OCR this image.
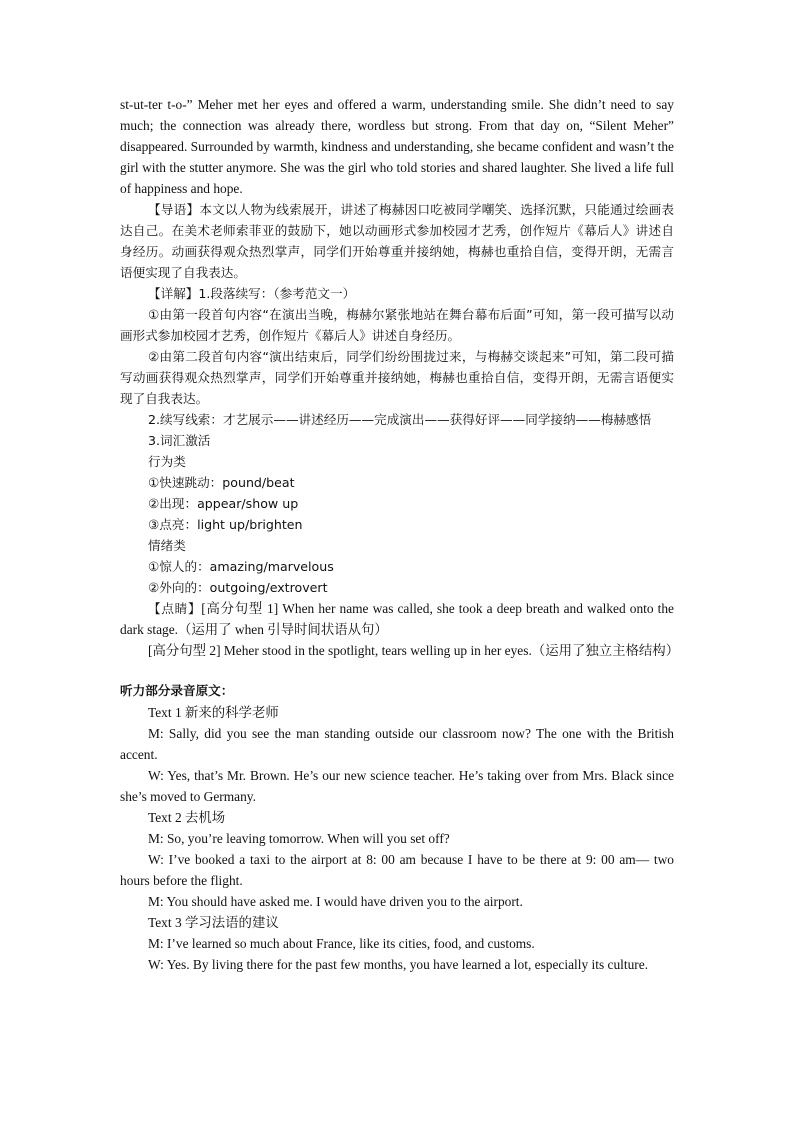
st-ut-ter t-o-” Meher met her eyes and offered a warm, understanding smile. She didn’t need to say much; the connection was already there, wordless but strong. From that day on, “Silent Meher” disappeared. Surrounded by warmth, kindness and understanding, she became confident and wasn’t the girl with the stutter anymore. She was the girl who told stories and shared laughter. She lived a life full of happiness and hope.

【导语】本文以人物为线索展开，讲述了梅赫因口吃被同学嘲笑、选择沉默，只能通过绘画表达自己。在美术老师索菲亚的鼓励下，她以动画形式参加校园才艺秀，创作短片《幕后人》讲述自身经历。动画获得观众热烈掌声，同学们开始尊重并接纳她，梅赫也重拾自信，变得开朗，无需言语便实现了自我表达。

【详解】1.段落续写：（参考范文一）

①由第一段首句内容“在演出当晚，梅赫尔紧张地站在舞台幕布后面”可知，第一段可描写以动画形式参加校园才艺秀，创作短片《幕后人》讲述自身经历。

②由第二段首句内容“演出结束后，同学们纷纷围拢过来，与梅赫交谈起来”可知，第二段可描写动画获得观众热烈掌声，同学们开始尊重并接纳她，梅赫也重拾自信，变得开朗，无需言语便实现了自我表达。

2.续写线索：才艺展示——讲述经历——完成演出——获得好评——同学接纳——梅赫感悟

3.词汇激活

行为类

①快速跳动：pound/beat

②出现：appear/show up

③点亮：light up/brighten

情绪类

①惊人的：amazing/marvelous

②外向的：outgoing/extrovert

【点睛】[高分句型 1] When her name was called, she took a deep breath and walked onto the dark stage.（运用了 when 引导时间状语从句）

[高分句型 2] Meher stood in the spotlight, tears welling up in her eyes.（运用了独立主格结构）

听力部分录音原文：

Text 1 新来的科学老师

M: Sally, did you see the man standing outside our classroom now? The one with the British accent.

W: Yes, that’s Mr. Brown. He’s our new science teacher. He’s taking over from Mrs. Black since she’s moved to Germany.

Text 2 去机场

M: So, you’re leaving tomorrow. When will you set off?

W: I’ve booked a taxi to the airport at 8: 00 am because I have to be there at 9: 00 am— two hours before the flight.

M: You should have asked me. I would have driven you to the airport.

Text 3 学习法语的建议

M: I’ve learned so much about France, like its cities, food, and customs.

W: Yes. By living there for the past few months, you have learned a lot, especially its culture.
